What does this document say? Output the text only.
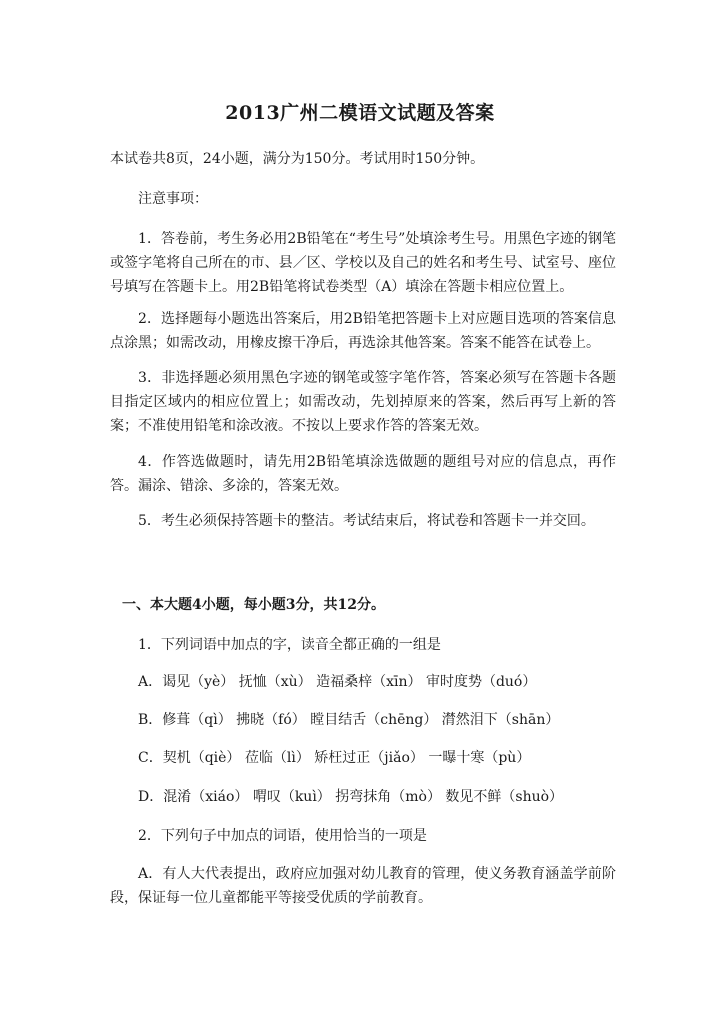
2013广州二模语文试题及答案
本试卷共8页，24小题，满分为150分。考试用时150分钟。
注意事项：
1．答卷前，考生务必用2B铅笔在“考生号”处填涂考生号。用黑色字迹的钢笔或签字笔将自己所在的市、县／区、学校以及自己的姓名和考生号、试室号、座位号填写在答题卡上。用2B铅笔将试卷类型（A）填涂在答题卡相应位置上。
2．选择题每小题选出答案后，用2B铅笔把答题卡上对应题目选项的答案信息点涂黑；如需改动，用橡皮擦干净后，再选涂其他答案。答案不能答在试卷上。
3．非选择题必须用黑色字迹的钢笔或签字笔作答，答案必须写在答题卡各题目指定区域内的相应位置上；如需改动，先划掉原来的答案，然后再写上新的答案；不准使用铅笔和涂改液。不按以上要求作答的答案无效。
4．作答选做题时，请先用2B铅笔填涂选做题的题组号对应的信息点，再作答。漏涂、错涂、多涂的，答案无效。
5．考生必须保持答题卡的整洁。考试结束后，将试卷和答题卡一并交回。
一、本大题4小题，每小题3分，共12分。
1．下列词语中加点的字，读音全都正确的一组是
A．谒见（yè） 抚恤（xù） 造福桑梓（xīn） 审时度势（duó）
B．修葺（qì） 拂晓（fó） 瞠目结舌（chēng） 潸然泪下（shān）
C．契机（qiè） 莅临（lì） 矫枉过正（jiǎo） 一曝十寒（pù）
D．混淆（xiáo） 喟叹（kuì） 拐弯抹角（mò） 数见不鲜（shuò）
2．下列句子中加点的词语，使用恰当的一项是
A．有人大代表提出，政府应加强对幼儿教育的管理，使义务教育涵盖学前阶段，保证每一位儿童都能平等接受优质的学前教育。
